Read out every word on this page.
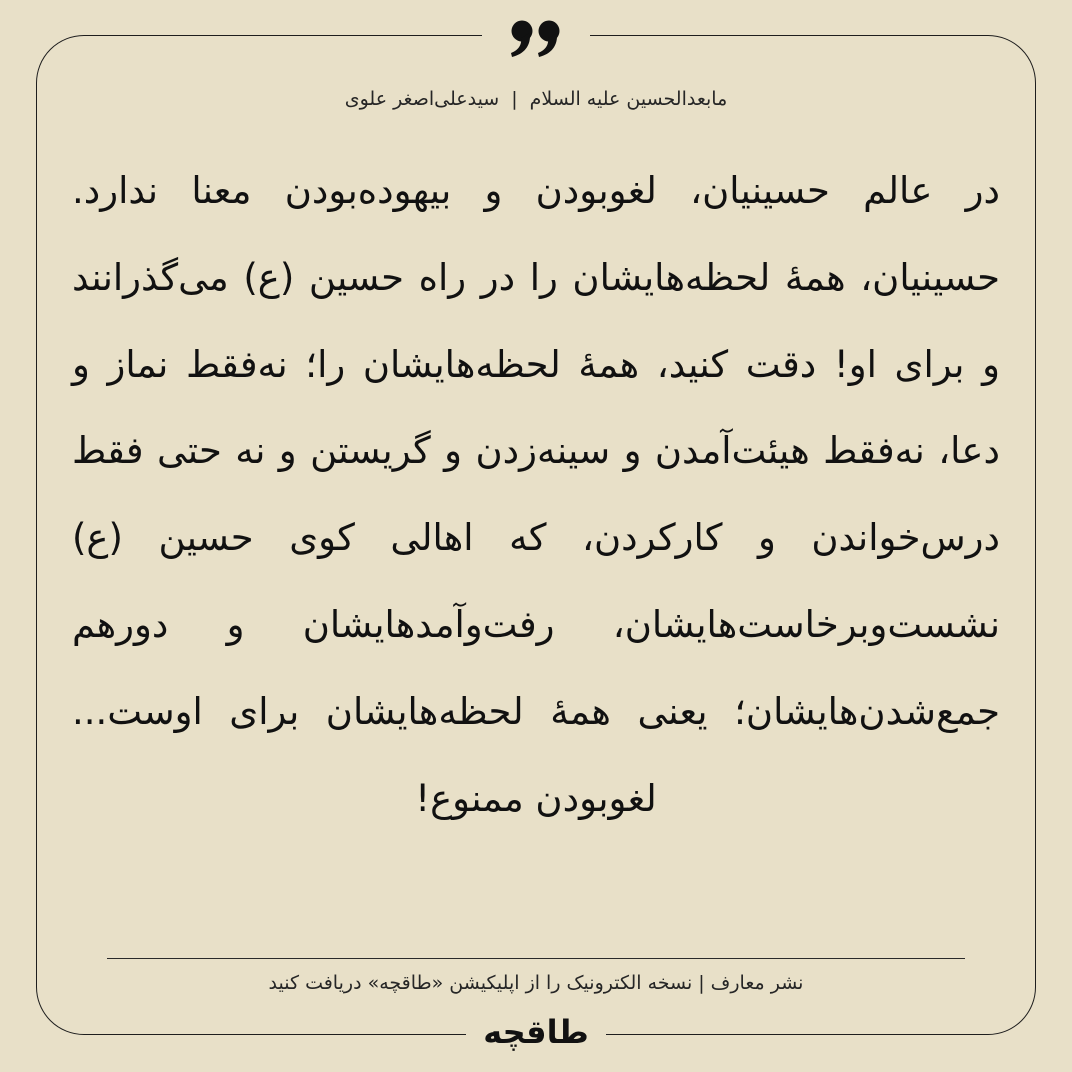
مابعدالحسین علیه السلام|سیدعلی‌اصغر علوی
در عالم حسینیان، لغوبودن و بیهوده‌بودن معنا ندارد. حسینیان، همهٔ لحظه‌هایشان را در راه حسین (ع) می‌گذرانند و برای او! دقت کنید، همهٔ لحظه‌هایشان را؛ نه‌فقط نماز و دعا، نه‌فقط هیئت‌آمدن و سینه‌زدن و گریستن و نه حتی فقط درس‌خواندن و کارکردن، که اهالی کوی حسین (ع) نشست‌وبرخاست‌هایشان، رفت‌وآمدهایشان و دورهم جمع‌شدن‌هایشان؛ یعنی همهٔ لحظه‌هایشان برای اوست... لغوبودن ممنوع!
نشر معارف|نسخه الکترونیک را از اپلیکیشن «طاقچه» دریافت کنید
طاقچه
